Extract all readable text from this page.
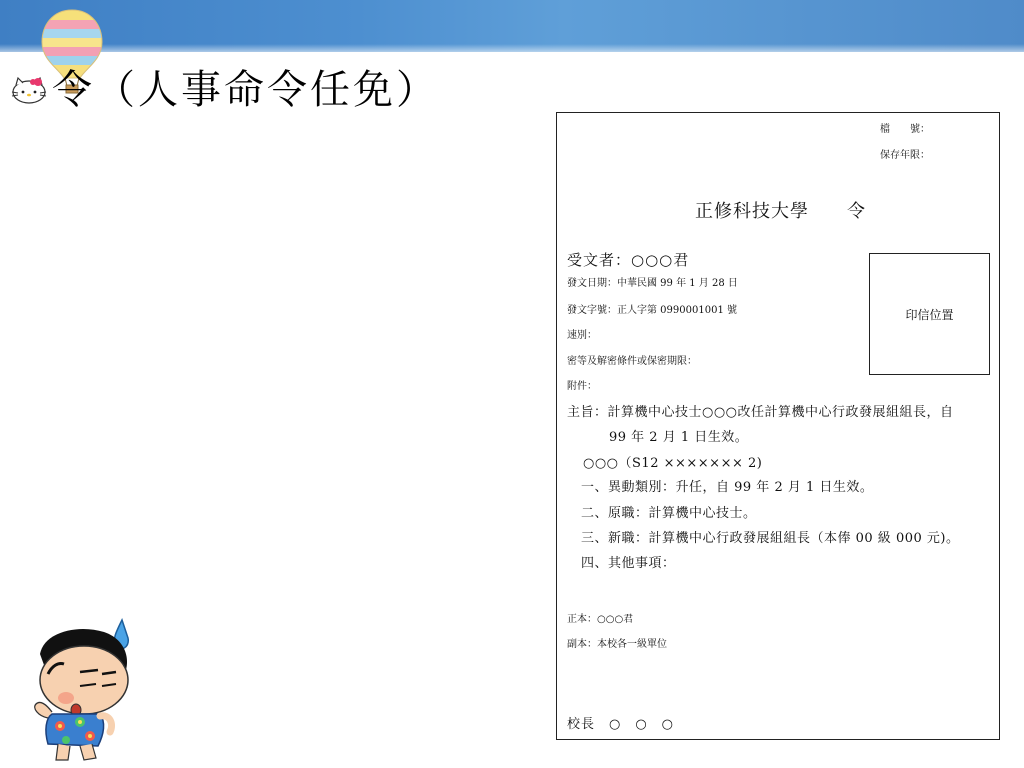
令（人事命令任免）
檔　　號：
保存年限：
正修科技大學　　令
受文者：○○○君
發文日期：中華民國 99 年 1 月 28 日
發文字號：正人字第 0990001001 號
速別：
密等及解密條件或保密期限：
附件：
印信位置
主旨：計算機中心技士○○○改任計算機中心行政發展組組長，自
99 年 2 月 1 日生效。
○○○（S12 ××××××× 2)
一、異動類別：升任，自 99 年 2 月 1 日生效。
二、原職：計算機中心技士。
三、新職：計算機中心行政發展組組長（本俸 00 級 000 元)。
四、其他事項：
正本：○○○君
副本：本校各一級單位
校長　○　○　○
